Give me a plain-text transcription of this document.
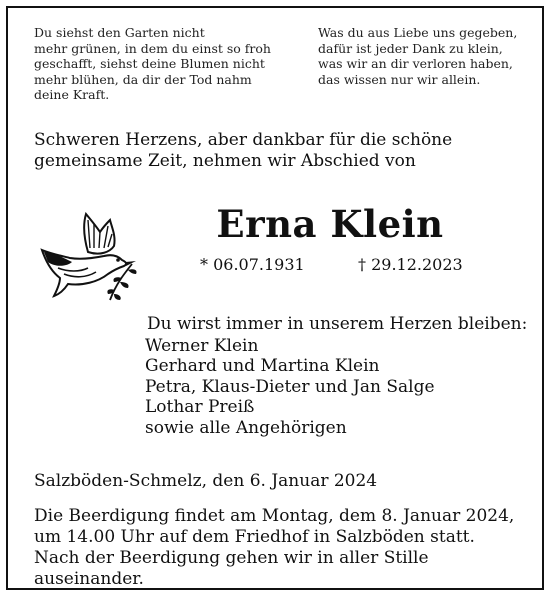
Du siehst den Garten nicht

mehr grünen, in dem du einst so froh

geschafft, siehst deine Blumen nicht

mehr blühen, da dir der Tod nahm

deine Kraft.

Was du aus Liebe uns gegeben,

dafür ist jeder Dank zu klein,

was wir an dir verloren haben,

das wissen nur wir allein.

Schweren Herzens, aber dankbar für die schöne

gemeinsame Zeit, nehmen wir Abschied von

Erna Klein
* 06.07.1931	† 29.12.2023

Du wirst immer in unserem Herzen bleiben:

Werner Klein
Gerhard und Martina Klein
Petra, Klaus-Dieter und Jan Salge
Lothar Preiß
sowie alle Angehörigen
Salzböden-Schmelz, den 6. Januar 2024

Die Beerdigung findet am Montag, dem 8. Januar 2024,

um 14.00 Uhr auf dem Friedhof in Salzböden statt.

Nach der Beerdigung gehen wir in aller Stille auseinander.
